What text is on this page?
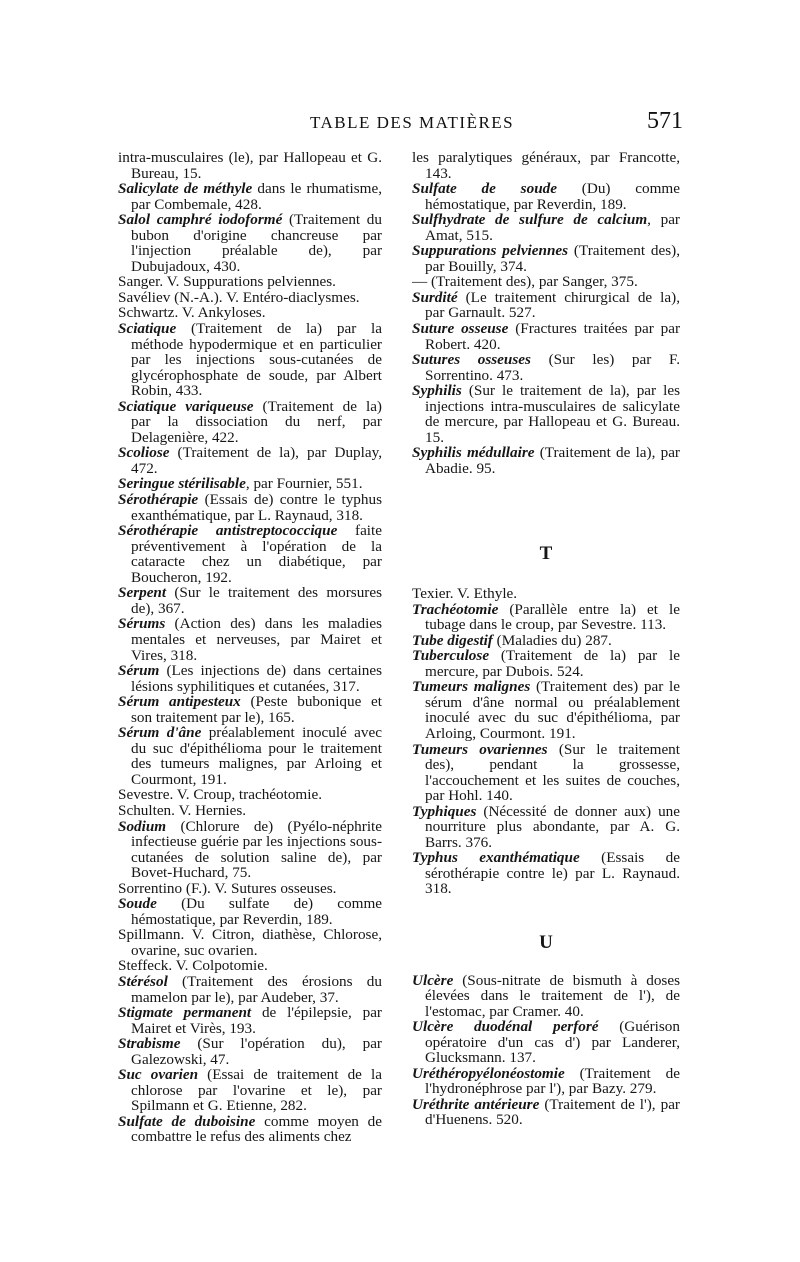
TABLE DES MATIÈRES	571

intra-musculaires (le), par Hallopeau et G. Bureau, 15.

Salicylate de méthyle dans le rhumatisme, par Combemale, 428.

Salol camphré iodoformé (Traitement du bubon d'origine chancreuse par l'injection préalable de), par Dubujadoux, 430.

Sanger. V. Suppurations pelviennes.

Savéliev (N.-A.). V. Entéro-diaclysmes.

Schwartz. V. Ankyloses.

Sciatique (Traitement de la) par la méthode hypodermique et en particulier par les injections sous-cutanées de glycérophosphate de soude, par Albert Robin, 433.

Sciatique variqueuse (Traitement de la) par la dissociation du nerf, par Delagenière, 422.

Scoliose (Traitement de la), par Duplay, 472.

Seringue stérilisable, par Fournier, 551.

Sérothérapie (Essais de) contre le typhus exanthématique, par L. Raynaud, 318.

Sérothérapie antistreptococcique faite préventivement à l'opération de la cataracte chez un diabétique, par Boucheron, 192.

Serpent (Sur le traitement des morsures de), 367.

Sérums (Action des) dans les maladies mentales et nerveuses, par Mairet et Vires, 318.

Sérum (Les injections de) dans certaines lésions syphilitiques et cutanées, 317.

Sérum antipesteux (Peste bubonique et son traitement par le), 165.

Sérum d'âne préalablement inoculé avec du suc d'épithélioma pour le traitement des tumeurs malignes, par Arloing et Courmont, 191.

Sevestre. V. Croup, trachéotomie.

Schulten. V. Hernies.

Sodium (Chlorure de) (Pyélo-néphrite infectieuse guérie par les injections sous-cutanées de solution saline de), par Bovet-Huchard, 75.

Sorrentino (F.). V. Sutures osseuses.

Soude (Du sulfate de) comme hémostatique, par Reverdin, 189.

Spillmann. V. Citron, diathèse, Chlorose, ovarine, suc ovarien.

Steffeck. V. Colpotomie.

Stérésol (Traitement des érosions du mamelon par le), par Audeber, 37.

Stigmate permanent de l'épilepsie, par Mairet et Virès, 193.

Strabisme (Sur l'opération du), par Galezowski, 47.

Suc ovarien (Essai de traitement de la chlorose par l'ovarine et le), par Spilmann et G. Etienne, 282.

Sulfate de duboisine comme moyen de combattre le refus des aliments chez

les paralytiques généraux, par Francotte, 143.

Sulfate de soude (Du) comme hémostatique, par Reverdin, 189.

Sulfhydrate de sulfure de calcium, par Amat, 515.

Suppurations pelviennes (Traitement des), par Bouilly, 374.

— (Traitement des), par Sanger, 375.

Surdité (Le traitement chirurgical de la), par Garnault. 527.

Suture osseuse (Fractures traitées par par Robert. 420.

Sutures osseuses (Sur les) par F. Sorrentino. 473.

Syphilis (Sur le traitement de la), par les injections intra-musculaires de salicylate de mercure, par Hallopeau et G. Bureau. 15.

Syphilis médullaire (Traitement de la), par Abadie. 95.

T

Texier. V. Ethyle.

Trachéotomie (Parallèle entre la) et le tubage dans le croup, par Sevestre. 113.

Tube digestif (Maladies du) 287.

Tuberculose (Traitement de la) par le mercure, par Dubois. 524.

Tumeurs malignes (Traitement des) par le sérum d'âne normal ou préalablement inoculé avec du suc d'épithélioma, par Arloing, Courmont. 191.

Tumeurs ovariennes (Sur le traitement des), pendant la grossesse, l'accouchement et les suites de couches, par Hohl. 140.

Typhiques (Nécessité de donner aux) une nourriture plus abondante, par A. G. Barrs. 376.

Typhus exanthématique (Essais de sérothérapie contre le) par L. Raynaud. 318.

U

Ulcère (Sous-nitrate de bismuth à doses élevées dans le traitement de l'), de l'estomac, par Cramer. 40.

Ulcère duodénal perforé (Guérison opératoire d'un cas d') par Landerer, Glucksmann. 137.

Uréthéropyélonéostomie (Traitement de l'hydronéphrose par l'), par Bazy. 279.

Uréthrite antérieure (Traitement de l'), par d'Huenens. 520.
